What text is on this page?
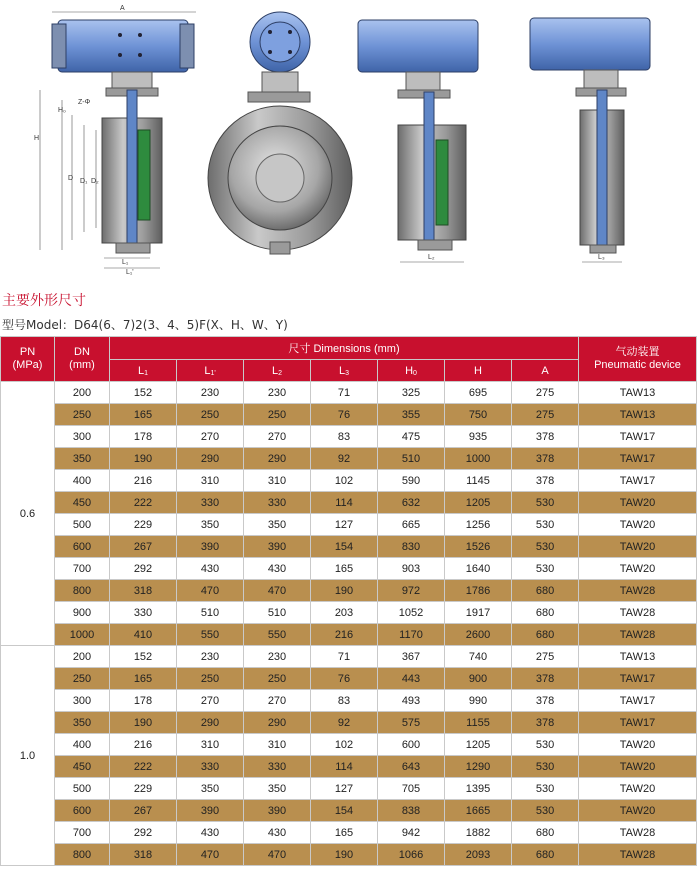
A
H
H₀
D D₁ D₂
Z-Φ
L₁
L₁'
L₂	L₃
主要外形尺寸
型号Model：D64(6、7)2(3、4、5)F(X、H、W、Y)
PN
(MPa)	DN
(mm)	尺寸 Dimensions (mm)							气动装置
Pneumatic device
		L1	L1'	L2	L3	H0	H	A	
0.6	200	152	230	230	71	325	695	275	TAW13
	250	165	250	250	76	355	750	275	TAW13
	300	178	270	270	83	475	935	378	TAW17
	350	190	290	290	92	510	1000	378	TAW17
	400	216	310	310	102	590	1145	378	TAW17
	450	222	330	330	114	632	1205	530	TAW20
	500	229	350	350	127	665	1256	530	TAW20
	600	267	390	390	154	830	1526	530	TAW20
	700	292	430	430	165	903	1640	530	TAW20
	800	318	470	470	190	972	1786	680	TAW28
	900	330	510	510	203	1052	1917	680	TAW28
	1000	410	550	550	216	1170	2600	680	TAW28
1.0	200	152	230	230	71	367	740	275	TAW13
	250	165	250	250	76	443	900	378	TAW17
	300	178	270	270	83	493	990	378	TAW17
	350	190	290	290	92	575	1155	378	TAW17
	400	216	310	310	102	600	1205	530	TAW20
	450	222	330	330	114	643	1290	530	TAW20
	500	229	350	350	127	705	1395	530	TAW20
	600	267	390	390	154	838	1665	530	TAW20
	700	292	430	430	165	942	1882	680	TAW28
	800	318	470	470	190	1066	2093	680	TAW28
